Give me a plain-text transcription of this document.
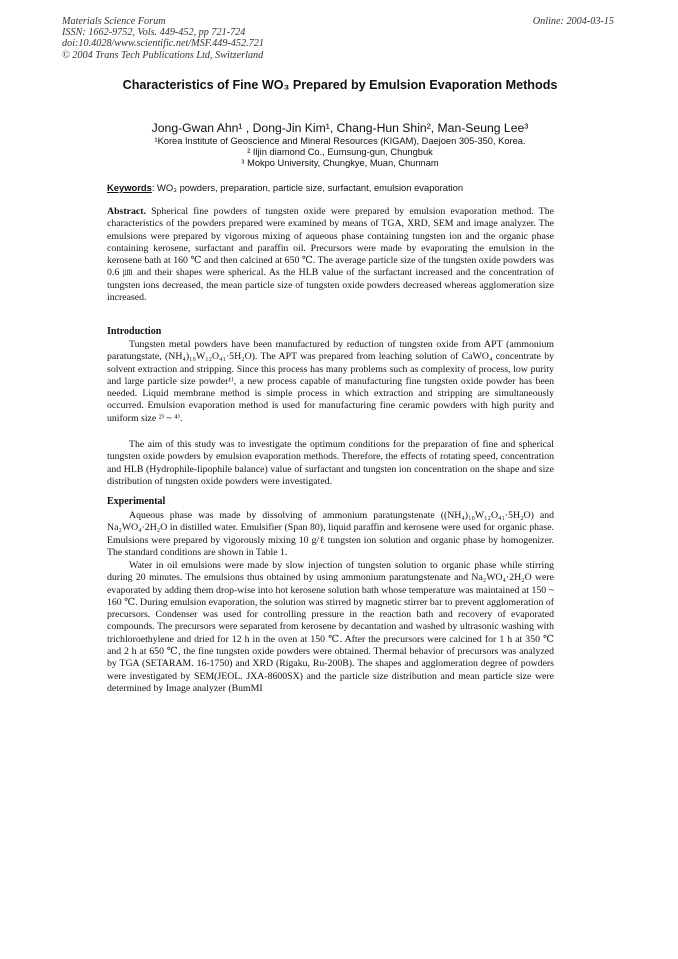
Materials Science Forum
ISSN: 1662-9752, Vols. 449-452, pp 721-724
doi:10.4028/www.scientific.net/MSF.449-452.721
© 2004 Trans Tech Publications Ltd, Switzerland
Online: 2004-03-15
Characteristics of Fine WO₃ Prepared by Emulsion Evaporation Methods
Jong-Gwan Ahn¹ , Dong-Jin Kim¹, Chang-Hun Shin², Man-Seung Lee³
¹Korea Institute of Geoscience and Mineral Resources (KIGAM), Daejoen 305-350, Korea.
² Iljin diamond Co., Eumsung-gun, Chungbuk
³ Mokpo University, Chungkye, Muan, Chunnam
Keywords: WO₃ powders, preparation, particle size, surfactant, emulsion evaporation
Abstract. Spherical fine powders of tungsten oxide were prepared by emulsion evaporation method. The characteristics of the powders prepared were examined by means of TGA, XRD, SEM and image analyzer. The emulsions were prepared by vigorous mixing of aqueous phase containing tungsten ion and the organic phase containing kerosene, surfactant and paraffin oil. Precursors were made by evaporating the emulsion in the kerosene bath at 160 ℃ and then calcined at 650 ℃. The average particle size of the tungsten oxide powders was 0.6 ㎛ and their shapes were spherical. As the HLB value of the surfactant increased and the concentration of tungsten ions decreased, the mean particle size of tungsten oxide powders decreased whereas agglomeration size increased.
Introduction
Tungsten metal powders have been manufactured by reduction of tungsten oxide from APT (ammonium paratungstate, (NH₄)₁₀W₁₂O₄₁·5H₂O). The APT was prepared from leaching solution of CaWO₄ concentrate by solvent extraction and stripping. Since this process has many problems such as complexity of process, low purity and large particle size powder¹⁾, a new process capable of manufacturing fine tungsten oxide powder has been needed. Liquid membrane method is simple process in which extraction and stripping are simultaneously occurred. Emulsion evaporation method is used for manufacturing fine ceramic powders with high purity and uniform size ²⁾ ~ ⁴⁾.
The aim of this study was to investigate the optimum conditions for the preparation of fine and spherical tungsten oxide powders by emulsion evaporation methods. Therefore, the effects of rotating speed, concentration and HLB (Hydrophile-lipophile balance) value of surfactant and tungsten ion concentration on the shape and size distribution of tungsten oxide powders were investigated.
Experimental
Aqueous phase was made by dissolving of ammonium paratungstenate ((NH₄)₁₀W₁₂O₄₁·5H₂O) and Na₂WO₄·2H₂O in distilled water. Emulsifier (Span 80), liquid paraffin and kerosene were used for organic phase. Emulsions were prepared by vigorously mixing 10 g/ℓ tungsten ion solution and organic phase by homogenizer. The standard conditions are shown in Table 1.
Water in oil emulsions were made by slow injection of tungsten solution to organic phase while stirring during 20 minutes. The emulsions thus obtained by using ammonium paratungstenate and Na₂WO₄·2H₂O were evaporated by adding them drop-wise into hot kerosene solution bath whose temperature was maintained at 150 ~ 160 ℃. During emulsion evaporation, the solution was stirred by magnetic stirrer bar to prevent agglomeration of precursors. Condenser was used for controlling pressure in the reaction bath and recovery of evaporated compounds. The precursors were separated from kerosene by decantation and washed by ultrasonic washing with trichloroethylene and dried for 12 h in the oven at 150 ℃. After the precursors were calcined for 1 h at 350 ℃ and 2 h at 650 ℃, the fine tungsten oxide powders were obtained. Thermal behavior of precursors was analyzed by TGA (SETARAM. 16-1750) and XRD (Rigaku, Ru-200B). The shapes and agglomeration degree of powders were investigated by SEM(JEOL. JXA-8600SX) and the particle size distribution and mean particle size were determined by Image analyzer (BumMI
